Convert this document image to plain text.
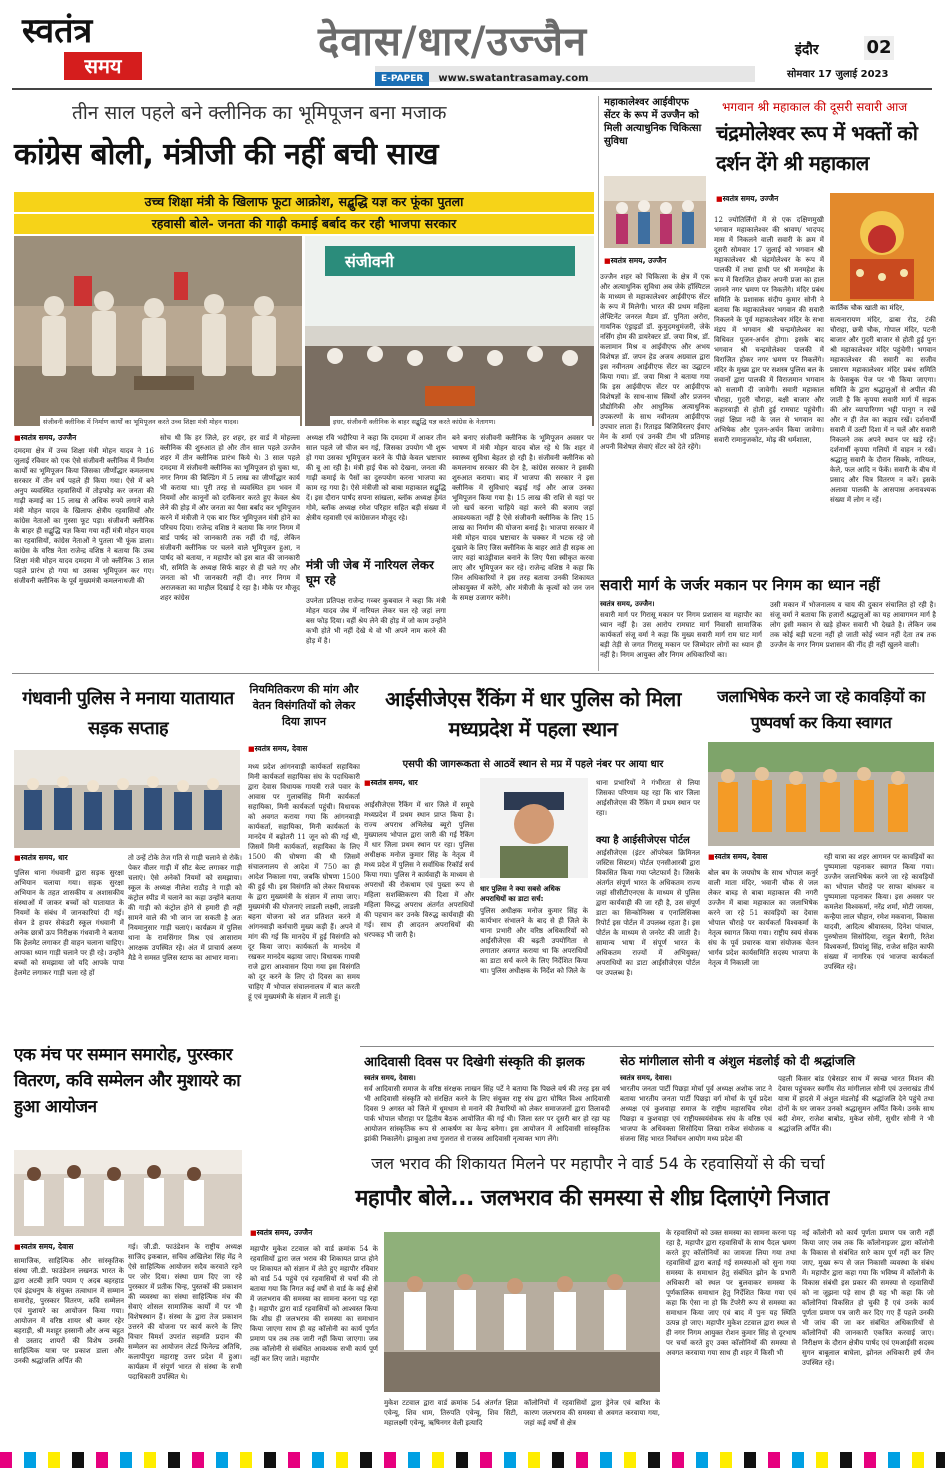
स्वतंत्र
समय
देवास/धार/उज्जैन
E-PAPER www.swatantrasamay.com
इंदौर	02
सोमवार 17 जुलाई 2023
तीन साल पहले बने क्लीनिक का भूमिपूजन बना मजाक
कांग्रेस बोली, मंत्रीजी की नहीं बची साख
उच्च शिक्षा मंत्री के खिलाफ फूटा आक्रोश, सद्बुद्धि यज्ञ कर फूंका पुतला
रहवासी बोले- जनता की गाढ़ी कमाई बर्बाद कर रही भाजपा सरकार
संजीवनी क्लीनिक में निर्माण कार्यों का भूमिपूजन करते उच्च शिक्षा मंत्री मोहन यादव।
संजीवनी
इधर, संजीवनी क्लीनिक के बाहर सद्बुद्धि यज्ञ करते कांग्रेस के नेतागण।
■ स्वतंत्र समय, उज्जैन
दमदमा क्षेत्र में उच्च शिक्षा मंत्री मोहन यादव ने 16 जुलाई रविवार को एक ऐसे संजीवनी क्लीनिक में निर्माण कार्यों का भूमिपूजन किया जिसका जीर्णोद्धार कमलनाथ सरकार में तीन वर्ष पहले ही किया गया। ऐसे में बने अनुप व्यवस्थित रहवासियों में तोड़फोड़ कर जनता की गाढ़ी कमाई का 15 लाख से अधिक रुपये लगाने वाले मंत्री मोहन यादव के खिलाफ क्षेत्रीय रहवासियों और कांग्रेस नेताओं का गुस्सा फूट पड़ा। संजीवनी क्लीनिक के बाहर ही सद्बुद्धि यज्ञ किया गया वहीं मंत्री मोहन यादव का रहवासियों, कांग्रेस नेताओं ने पुतला भी फूंक डाला। कांग्रेस के वरिष्ठ नेता राजेन्द्र वशिष्ठ ने बताया कि उच्च शिक्षा मंत्री मोहन यादव दमदमा में जो क्लीनिक 3 साल पहले प्रारंभ हो गया था उसका भूमिपूजन कर गए। संजीवनी क्लीनिक के पूर्व मुख्यमंत्री कमलनाथजी की
सोच थी कि हर जिले, हर शहर, हर वार्ड में मोहल्ला क्लीनिक की शुरुआत हो और तीन साल पहले उज्जैन शहर में तीन क्लीनिक प्रारंभ किये थे। 3 साल पहले दमदमा में संजीवनी क्लीनिक का भूमिपूजन हो चुका था, नगर निगम की बिल्डिंग में 5 लाख का जीर्णोद्धार कार्य भी कराया था। पूरी तरह से व्यवस्थित हम भवन में नियमों और कानूनों को दरकिनार करते हुए केवल श्रेय लेने की होड़ में और जनता का पैसा बर्बाद कर भूमिपूजन करने में मंत्रीजी ने एक बार फिर भूमिपूजन मंत्री होने का परिचय दिया। राजेन्द्र वशिष्ठ ने बताया कि नगर निगम में बार्ड पार्षद को जानकारी तक नहीं दी गई, लेकिन संजीवनी क्लीनिक पर चलने वाले भूमिपूजन हुआ, न पार्षद को बताया, न महापौर को इस बात की जानकारी थी, समिति के अध्यक्ष सिर्फ बाहर से ही चले गए और जनता को भी जानकारी नहीं दी। नगर निगम में अराजकता का माहौल दिखाई दे रहा है। मौके पर मौजूद शहर कांग्रेस
अध्यक्ष रवि भदौरिया ने कहा कि दमदमा में आकर तीन साल पहले जो चीज बन गई, जिसका उपयोग भी शुरू हो गया उसका भूमिपूजन करने के पीछे केवल भ्रष्टाचार की बू आ रही है। मंत्री हाई चैक को देखना, जनता की गाढ़ी कमाई के पैसों का दुरुपयोग करना भाजपा का काम रह गया है। ऐसे मंत्रीजी को बाबा महाकाल सद्बुद्धि दें। इस दौरान पार्षद सपना सांखला, ब्लॉक अध्यक्ष हेमंत गोमे, ब्लॉक अध्यक्ष रमेश परिहार सहित बड़ी संख्या में क्षेत्रीय रहवासी एवं कांग्रेसजन मौजूद रहे।
मंत्री जी जेब में नारियल लेकर घूम रहे
उपनेता प्रतिपक्ष राजेन्द्र गव्बर कुबवाल ने कहा कि मंत्री मोहन यादव जेब में नारियल लेकर चल रहे जहां लगा बस फोड़ दिया। वहीं श्रेय लेने की होड़ में जो काम उन्होंने कभी होते भी नहीं देखे थे वो भी अपने नाम करने की होड़ में है।
बने बनाए संजीवनी क्लीनिक के भूमिपूजन अवसर पर भाषण में मंत्री मोहन यादव बोल रहे थे कि शहर में स्वास्थ्य सुविधा बेहतर हो रही है। संजीवनी क्लीनिक को कमलनाथ सरकार की देन है, कांग्रेस सरकार ने इसकी शुरुआत कराया। बाद में भाजपा की सरकार ने इस क्लीनिक में सुविधाएं बढ़ाई गई और आज उनका भूमिपूजन किया गया है। 15 लाख की राशि से यहां पर जो खर्च करना चाहिये वहां करने की बजाय जहां आवश्यकता नहीं है ऐसे संजीवनी क्लीनिक के लिए 15 लाख का निर्माण की योजना बनाई है। भाजपा सरकार में मंत्री मोहन यादव भ्रष्टाचार के चक्कर में भटक रहे जो दुखाने के लिए जिस क्लीनिक के बाहर आते ही सड़क आ जाए वहां बाउंड्रीवाल बनाने के लिए पैसा स्वीकृत करवा लाए और भूमिपूजन कर रहे। राजेन्द्र वशिष्ठ ने कहा कि जिन अधिकारियों ने इस तरह बताया उनकी शिकायत लोकायुक्त में करेंगे, और मंत्रीजी के कृत्यों को जन जन के समक्ष उजागर करेंगे।
महाकालेश्वर आईवीएफ सेंटर के रूप में उज्जैन को मिली अत्याधुनिक चिकित्सा सुविधा
■ स्वतंत्र समय, उज्जैन
उज्जैन शहर को चिकित्सा के क्षेत्र में एक और अत्याधुनिक सुविधा अब जेके हॉस्पिटल के माध्यम से महाकालेश्वर आईवीएफ सेंटर के रूप में मिलेगी। भारत की प्रथम महिला लेफ्टिनेंट जनरल मैडम डॉ. पुनिता अरोरा, गायनिक एंड्राइडॉ डॉ. कुमुदमधुमंजरी, जेके नर्सिंग होम की डायरेक्टर डॉ. जया मिश्र, डॉ. कलामान मिश्र व आईवीएफ और अभय विशेषज्ञ डॉ. जपन हेड अजय अग्रवाल द्वारा इस नवीनतम आईवीएफ सेंटर का उद्घाटन किया गया। डॉ. जया मिश्रा ने बताया गया कि इस आईवीएफ सेंटर पर आईवीएफ विशेषज्ञों के साथ-साथ स्त्रियों और प्रजनन प्रौद्योगिकी और आधुनिक अत्याधुनिक उपकरणों के साथ नवीनतम आईवीएफ उपचार लाता हैं। रिताइड बिजिविरलए ईवाए मेन के शर्मा एवं उनकी टीम भी प्रतिमाह अपनी विशेषज्ञ सेवाएं सेंटर को देते रहेंगे।
भगवान श्री महाकाल की दूसरी सवारी आज
चंद्रमोलेश्वर रूप में भक्तों को दर्शन देंगे श्री महाकाल
■ स्वतंत्र समय, उज्जैन
12 ज्योतिर्लिंगों में से एक दक्षिणमुखी भगवान महाकालेश्वर की श्रावण/ भादपद मास में निकलने वाली सवारी के क्रम में दूसरी सोमवार 17 जुलाई को भगवान श्री महाकालेश्वर श्री चंद्रमोलेश्वर के रूप में पालकी में तथा हाथी पर श्री मनमहेश के रूप में विराजित होकर अपनी प्रजा का हाल जानने नगर भ्रमण पर निकलेंगे। मंदिर प्रबंध समिति के प्रशासक संदीप कुमार सोनी ने बताया कि महाकालेश्वर भगवान की सवारी निकलने के पूर्व महाकालेश्वर मंदिर के सभा मंडप में भगवान श्री चन्द्रमोलेश्वर का विधिवत पूजन-अर्चन होगा। इसके बाद भगवान श्री चन्द्रमोलेश्वर पालकी में विराजित होकर नगर भ्रमण पर निकलेंगे। मंदिर के मुख्य द्वार पर सशस्त्र पुलिस बल के जवानों द्वारा पालकी में विराजमान भगवान को सलामी दी जावेगी। सवारी महाकाल चौराहा, गुदरी चौराहा, बक्षी बाजार और कहारवाड़ी से होती हुई रामघाट पहुंचेगी। जहां क्षिप्रा नदी के जल से भगवान का अभिषेक और पूजन-अर्चन किया जावेगा। सवारी रामानुजकोट, मोढ़ की धर्मशाला,
कार्तिक चौक खाती का मंदिर,
सत्यनारायण मंदिर, ढाबा रोड, टंकी चौराहा, छत्री चौक, गोपाल मंदिर, पटनी बाजार और गुदरी बाजार से होती हुई पुनः श्री महाकालेश्वर मंदिर पहुंचेगी। भगवान महाकालेश्वर की सवारी का सजीव प्रसारण महाकालेश्वर मंदिर प्रबंध समिति के फेसबुक पेज पर भी किया जाएगा। समिति के द्वारा श्रद्धालुओं से अपील की जाती है कि कृपया सवारी मार्ग में सड़क की ओर व्यापारिगण भट्टी पानूग न रखें और न ही तेल का कड़ाव रखें। दर्शनार्थी सवारी में उल्टी दिशा में न चलें और सवारी निकलने तक अपने स्थान पर खड़े रहें। दर्शनार्थी कृपया गलियों में वाहन न रखें। श्रद्धालु सवारी के दौरान सिक्के, नारियल, केले, फल आदि न फेंकें। सवारी के बीच में प्रसाद और चित्र वितरण न करें। इसके अलावा पालकी के आसपास अनावश्यक संख्या में लोग न रहें।
सवारी मार्ग के जर्जर मकान पर निगम का ध्यान नहीं
स्वतंत्र समय, उज्जैन।
सवारी मार्ग पर गिरासू मकान पर निगम प्रशासन या महापौर का ध्यान नहीं है। उस आरोप रामघाट मार्ग निवासी सामाजिक कार्यकर्ता संजू वर्मा ने कहा कि मुख्य सवारी मार्ग राम घाट मार्ग बड़ी तेड़ी से जगत गिरासू मकान पर जिम्मेदार लोगों का ध्यान ही नहीं है। निगम आयुक्त और निगम अधिकारियों का।
उसी मकान में भोजनालय व चाय की दुकान संचालित हो रही है। संजू वर्मा ने बताया कि हजारों श्रद्धालुओं का यह आवागमन मार्ग है लोग इसी मकान से खड़े होकर सवारी भी देखते है। लेकिन जब तक कोई बड़ी घटना नहीं हो जाती कोई ध्यान नहीं देता तब तक उज्जैन के नगर निगम प्रशासन की नींद ही नहीं खुलने वाली।
गंधवानी पुलिस ने मनाया यातायात सड़क सप्ताह
■ स्वतंत्र समय, धार
पुलिस थाना गंधवानी द्वारा सड़क सुरक्षा अभियान चलाया गया। सड़क सुरक्षा अभियान के तहत शासकीय व अशासकीय संस्थाओं में जाकर बच्चों को यातायात के नियमों के संबंध में जानकारियां दी गई। सेवन डे हायर सेकंडरी स्कूल गंधवानी में अनेक छात्रों ऊप निरीक्षक गंधवानी ने बताया कि हेलमेट लगाकर ही वाहन चलाना चाहिए। आपका ध्यान गाड़ी चलाने पर ही रहे। उन्होंने बच्चों को समझाया जो यदि आपके पापा हेलमेट लगाकर गाड़ी चला रहे हों
तो उन्हें टोके तेज गति से गाड़ी चलाने से रोकें। पेकर वीलर गाड़ी में सीट बेल्ट लगाकर गाड़ी चलाएं। ऐसे अनेकों नियमों को समझाया। स्कूल के अध्यक्ष नीलेश राठौड़ ने गाड़ी को कंट्रोल स्पीड में चलाने का कहा उन्होंने बताया की गाड़ी को कंट्रोल होने से हमारी ही नहीं सामने वाले की भी जान जा सकती है अतः नियमानुसार गाड़ी चलाएं। कार्यक्रम में पुलिस थाना के रामसिंगार मिश्र एवं आसाराम आरक्षक उपस्थित रहे। अंत में प्राचार्य अरुण मैडे ने समस्त पुलिस स्टाफ का आभार माना।
नियमितिकरण की मांग और वेतन विसंगतियों को लेकर दिया ज्ञापन
■ स्वतंत्र समय, देवास
मध्य प्रदेश आंगनवाड़ी कार्यकर्ता सहायिका मिनी कार्यकर्ता सहायिका संघ के पदाधिकारी द्वारा देवास विधायक गायत्री राजे पवार के आवास पर गुलाबसिंह मिनी कार्यकर्ता सहायिका, मिनी कार्यकर्ता पहुंची। विधायक को अवगत कराया गया कि आंगनवाड़ी कार्यकर्ता, सहायिका, मिनी कार्यकर्ता के मानदेय में बढ़ोतरी 11 जून को की गई थी, जिसमें मिनी कार्यकर्ता, सहायिका के लिए 1500 की घोषणा की थी जिसमें संचालनालय से आदेश में 750 का ही आदेश निकाला गया, जबकि घोषणा 1500 की हुई थी। इस विसंगति को लेकर विधायक के द्वारा मुख्यमंत्री के संज्ञान में लाया जाए। मुख्यमंत्री की योजनाएं लाडली लक्ष्मी, लाडली बहना योजना को शत प्रतिशत करने में आंगनवाड़ी कर्मचारी मुख्य कड़ी हैं। अपने में मांग की गई कि मानदेय में हुई विसंगति को दूर किया जाए। कार्यकर्ता के मानदेय में रखकर मानदेय बढ़ाया जाए। विधायक गायत्री राजे द्वारा आश्वासन दिया गया इस विसंगति को दूर करने के लिए दो दिवस का समय चाहिए मैं भोपाल संचालनालय में बात करती हूं एवं मुख्यमंत्री के संज्ञान में लाती हूं।
आईसीजेएस रैंकिंग में धार पुलिस को मिला मध्यप्रदेश में पहला स्थान
एसपी की जागरूकता से आठवें स्थान से मप्र में पहले नंबर पर आया धार
■ स्वतंत्र समय, धार
आईसीजेएस रैंकिंग में धार जिले में समूचे मध्यप्रदेश में प्रथम स्थान प्राप्त किया है। राज्य अपराध अभिलेख ब्यूरो पुलिस मुख्यालय भोपाल द्वारा जारी की गई रैंकिंग में धार जिला प्रथम स्थान पर रहा। पुलिस अधीक्षक मनोज कुमार सिंह के नेतृत्व में मध्य प्रदेश में पुलिस ने सर्वाधिक रिकॉर्ड सर्च किया गया। पुलिस ने कार्यवाही के माध्यम से अपराधों की रोकथाम एवं पुख्ता रूप से महिला सशक्तिकरण की दिशा में और महिला विरुद्ध अपराध अंतर्गत अपराधियों की पहचान कर उनके विरुद्ध कार्यवाही की गई। साथ ही आदतन अपराधियों की धरपकड़ भी जारी है।
धार पुलिस ने क्या सबसे अधिक अपराधियों का डाटा सर्च:
पुलिस अधीक्षक मनोज कुमार सिंह के कार्यभार संभालने के बाद से ही जिले के थाना प्रभारी और वरिष्ठ अधिकारियों को आईसीजेएस की बढ़ती उपयोगिता से लगातार अवगत कराया था कि अपराधियों का डाटा सर्च करने के लिए निर्देशित किया था। पुलिस अधीक्षक के निर्देश को जिले के
थाना प्रभारियों ने गंभीरता से लिया जिसका परिणाम यह रहा कि धार जिला आईसीजेएस की रैंकिंग में प्रथम स्थान पर रहा।
क्या है आईसीजेएस पोर्टल
आईसीजेएस (इंटर ऑपरेबल क्रिमिनल जस्टिस सिस्टम) पोर्टल एनसीआरबी द्वारा विकसित किया गया प्लेटफार्म है। जिसके अंतर्गत संपूर्ण भारत के अधिकतम राज्य जहां सीसीटीएनएस के माध्यम से पुलिस द्वारा कार्यवाही की जा रही है, उस संपूर्ण डाटा का सिन्कोनिक्स व एनालिसिक्स रिपोर्ट इस पोर्टल में उपलब्ध रहता है। इस पोर्टल के माध्यम से जनरेट की जाती है। सामान्य भाषा में संपूर्ण भारत के अधिकतम राज्यों में अभियुक्त/ अपराधियों का डाटा आईसीजेएस पोर्टल पर उपलब्ध है।
जलाभिषेक करने जा रहे कावड़ियों का पुष्पवर्षा कर किया स्वागत
■ स्वतंत्र समय, देवास
बोल बम के जयघोष के साथ भोपाल कनुर्र वाली माता मंदिर, भवानी चौक से जल लेकर बाब्ड़ से बाबा महाकाल की नगरी उज्जैन में बाबा महाकाल का जलाभिषेक करने जा रहे 51 कावड़ियों का देवास भोपाल चौराहे पर कार्यकर्ता विश्वकर्मा के नेतृत्व स्वागत किया गया। राष्ट्रीय स्वयं सेवक संघ के पूर्व प्रचारक यात्रा संयोजक चेतन भार्गव प्रदेश कार्यसमिति सदस्य भाजपा के नेतृत्व में निकाली जा
रही यात्रा का शहर आगमन पर कावड़ियों का पुष्पमाला पहनाकर स्वागत किया गया। उज्जैन जलाभिषेक करने जा रहे कावड़ियों का भोपाल चौराहे पर साफा बांधकर व पुष्पमाला पहनाकर किया। इस अवसर पर कमलेश विश्वकर्मा, नरेंद्र शर्मा, मोटी जायस, कन्हैया लाल चौहान, रमेश मकवाना, विकास यादवी, आदित्य श्रीवास्तव, दिनेश पांचाल, पुरुषोत्तम सिसोदिया, राहुल बैरागी, रितेश विश्वकर्मा, प्रियांशु सिंह, राजेश सहित काफी संख्या में नागरिक एवं भाजपा कार्यकर्ता उपस्थित रहे।
आदिवासी दिवस पर दिखेगी संस्कृति की झलक
स्वतंत्र समय, देवास।
सर्व आदिवासी समाज के वरिष्ठ संरक्षक लाखन सिंह पर्टे ने बताया कि पिछले वर्ष की तरह इस वर्ष भी आदिवासी संस्कृति को संरक्षित करने के लिए संयुक्त राष्ट्र संघ द्वारा घोषित विश्व आदिवासी दिवस 9 अगस्त को जिले में धूमधाम से मनाने की तैयारियों को लेकर समाजजनों द्वारा तिलावदी पार्क भोपाल चौराहा पर द्वितीय बैठक आयोजित की गई थी। जिला स्तर पर दूसरी बार हो रहा यह आयोजन सांस्कृतिक रूप से आकर्षण का केन्द्र बनेगा। इस आयोजन में आदिवासी सांस्कृतिक झांकी निकालेंगे। झाबुआ तथा गुजरात से राजस्व आदिवासी नृत्याक्त भाग लेंगे।
सेठ मांगीलाल सोनी व अंशुल मंडलोई को दी श्रद्धांजलि
स्वतंत्र समय, देवास।
भारतीय जनता पार्टी पिछड़ा मोर्चा पूर्व अध्यक्ष अशोक जाट ने बताया भारतीय जनता पार्टी पिछड़ा वर्ग मोर्चा के पूर्व प्रदेश अध्यक्ष एवं कुशवाहा समाज के राष्ट्रीय महासचिव रमेश पिछड़ा व कुशवाहा एवं राष्ट्रीयस्वयंसेवक संघ के वरिष्ठ एवं भाजपा के अधिवक्ता सिसोदिया लिखा राकेश संयोजक व संजना सिंह भारत निर्वाचन आयोग मध्य प्रदेश की
पहली किसर बांड एंबेसडर साथ में स्वच्छ भारत मिशन की देवास पहुंचकर स्वर्गीय सेठ मांगीलाल सोनी एवं उत्तराखंड तीर्थ यात्रा में हादसे में अंशुल मंडलोई की श्रद्धांजलि देने पहुंचे तथा दोनों के घर जाकर उनको श्रद्धासुमन अर्पित किये। उनके साथ बदी शेमर, राजेश बाबोड, मुकेश सोनी, सुधीर सोनी ने भी श्रद्धांजलि अर्पित की।
एक मंच पर सम्मान समारोह, पुरस्कार वितरण, कवि सम्मेलन और मुशायरे का हुआ आयोजन
■ स्वतंत्र समय, देवास
सामाजिक, साहित्यिक और सांस्कृतिक संस्था जी.डी. फाउंडेशन लखनऊ भारत के द्वारा अटबी ज्ञानि पयाम ए अदब बहरहाड एवं इंद्रधनुष के संयुक्त तत्वाधान में सम्मान समारोह, पुरस्कार वितरण, कवि सम्मेलन एवं मुशायरे का आयोजन किया गया। आयोजन में वरिष्ठ शायर श्री कमर रहेर बहराड़ी, श्री मशहूर हस्सानी और अन्य बहुत से उस्ताद शायरों की विशेष उनकी साहित्यिक यात्रा पर प्रकाश डाला और उनकी श्रद्धांजलि अर्पित की
गई। जी.डी. फाउंडेशन के राष्ट्रीय अध्यक्ष साजिद इकबाल, सचिव अखिलेश सिंह मेंद्र ने ऐसे साहित्यिक आयोजन सदैव करवाते रहने पर जोर दिया। संस्था ग्राम दिए जा रहे पुरस्कार में प्रतीक चिन्ह, पुस्तकों की प्रकाशन की व्यवस्था का संस्था साहित्यिक मंच की सेवाएं शोसल सामाजिक कार्यों में पर भी विशेषस्थान हैं। संस्था के द्वारा तेज प्रकाशन उत्तरने की योजना पर कार्य करने के लिए विचार विमर्श उपरांत सहमति प्रदान की सम्मेलन का आयोजन लेटर्ड फिनेल्ड अतिथि, कलापीपुरा महाराष्ट्र उत्तर प्रदेश में हुआ। कार्यक्रम में संपूर्ण भारत से संस्था के सभी पदाधिकारी उपस्थित थे।
जल भराव की शिकायत मिलने पर महापौर ने वार्ड 54 के रहवासियों से की चर्चा
महापौर बोले... जलभराव की समस्या से शीघ्र दिलाएंगे निजात
■ स्वतंत्र समय, उज्जैन
महापौर मुकेश टटवाल को वार्ड क्रमांक 54 के रहवासियों द्वारा जल भराव की शिकायत प्राप्त होने पर शिकायत को संज्ञान में लेते हुए महापौर रविवार को वार्ड 54 पहुंचे एवं रहवासियों से चर्चा की तो बताया गया कि निगत कई वर्षों से वार्ड के कई क्षेत्रों में जलभराव की समस्या का सामना करना पड़ रहा है। महापौर द्वारा वार्ड रहवासियों को आश्वस्त किया कि शीघ्र ही जलभराव की समस्या का समाधान किया जाएगा साथ ही वह कॉलोनी का कार्य पूर्णत प्रमाण पत्र तब तक जारी नहीं किया जाएगा। जब तक कॉलोनी से संबंधित आवश्यक सभी कार्य पूर्ण नहीं कर लिए जाते। महापौर
मुकेश टटवाल द्वारा वार्ड क्रमांक 54 अंतर्गत क्षिप्रा एवेन्यू, शिव धाम, तिरुपति एवेन्यू, शिव सिटी, महालक्ष्मी एवेन्यू, ऋषिनगर वेली इत्यादि
कॉलोनियों में रहवासियों द्वारा ड्रेनेज एवं बारिश के कारण जलभराव की समस्या से अवगत करवाया गया, जहां कई वर्षों से क्षेत्र
के रहवासियों को उक्त समस्या का सामना करना पड़ रहा है, महापौर द्वारा रहवासियों के साथ पैदल भ्रमण करते हुए कॉलोनियों का जायजा लिया गया तथा रहवासियों द्वारा बताई गई समस्याओं को सुना गया समस्या के समाधान हेतु संबंधित झोन के प्रभारी अधिकारी को स्थल पर बुलवाकर समस्या के पूर्णकालिक समाधान हेतु निर्देशित किया गया एवं कहा कि ऐसा ना हो कि टेंपरेरी रूप से समस्या का समाधान किया जाए एवं बाद में पुनः यह स्थिति उत्पन्न हो जाए। महापौर मुकेश टटवाल द्वारा स्थल से ही नगर निगम आयुक्त रोशन कुमार सिंह से दूरभाष पर चर्चा करते हुए उक्त कॉलोनियों की समस्या से अवगत करवाया गया साथ ही शहर में किसी भी
नई कॉलोनी को कार्य पूर्णता प्रमाण पत्र जारी नहीं किया जाए जब तक कि कॉलोनाइजर द्वारा कॉलोनी के विकास से संबंधित सारे काम पूर्ण नहीं कर लिए जाए, मुख्य रूप से जल निकासी व्यवस्था के संबंध में। महापौर द्वारा कहा गया कि भविष्य में कॉलोनी के विकास संबंधी इस प्रकार की समस्या से रहवासियों को ना जूझना पड़े साथ ही यह भी कहा कि जो कॉलोनियां विकसित हो चुकी हैं एवं उनके कार्य पूर्णता प्रमाण पत्र जारी कर दिए गए हैं पहले उनकी भी जांच की जा कर संबंधित अधिकारियों से कॉलोनियों की जानकारी एकत्रित करवाई जाए। निरीक्षण के दौरान क्षेत्रीय पार्षद एवं एमआईसी सदस्य सुगन बाबूलाल बाघेला, झोनल अधिकारी हर्ष जैन उपस्थित रहे।
